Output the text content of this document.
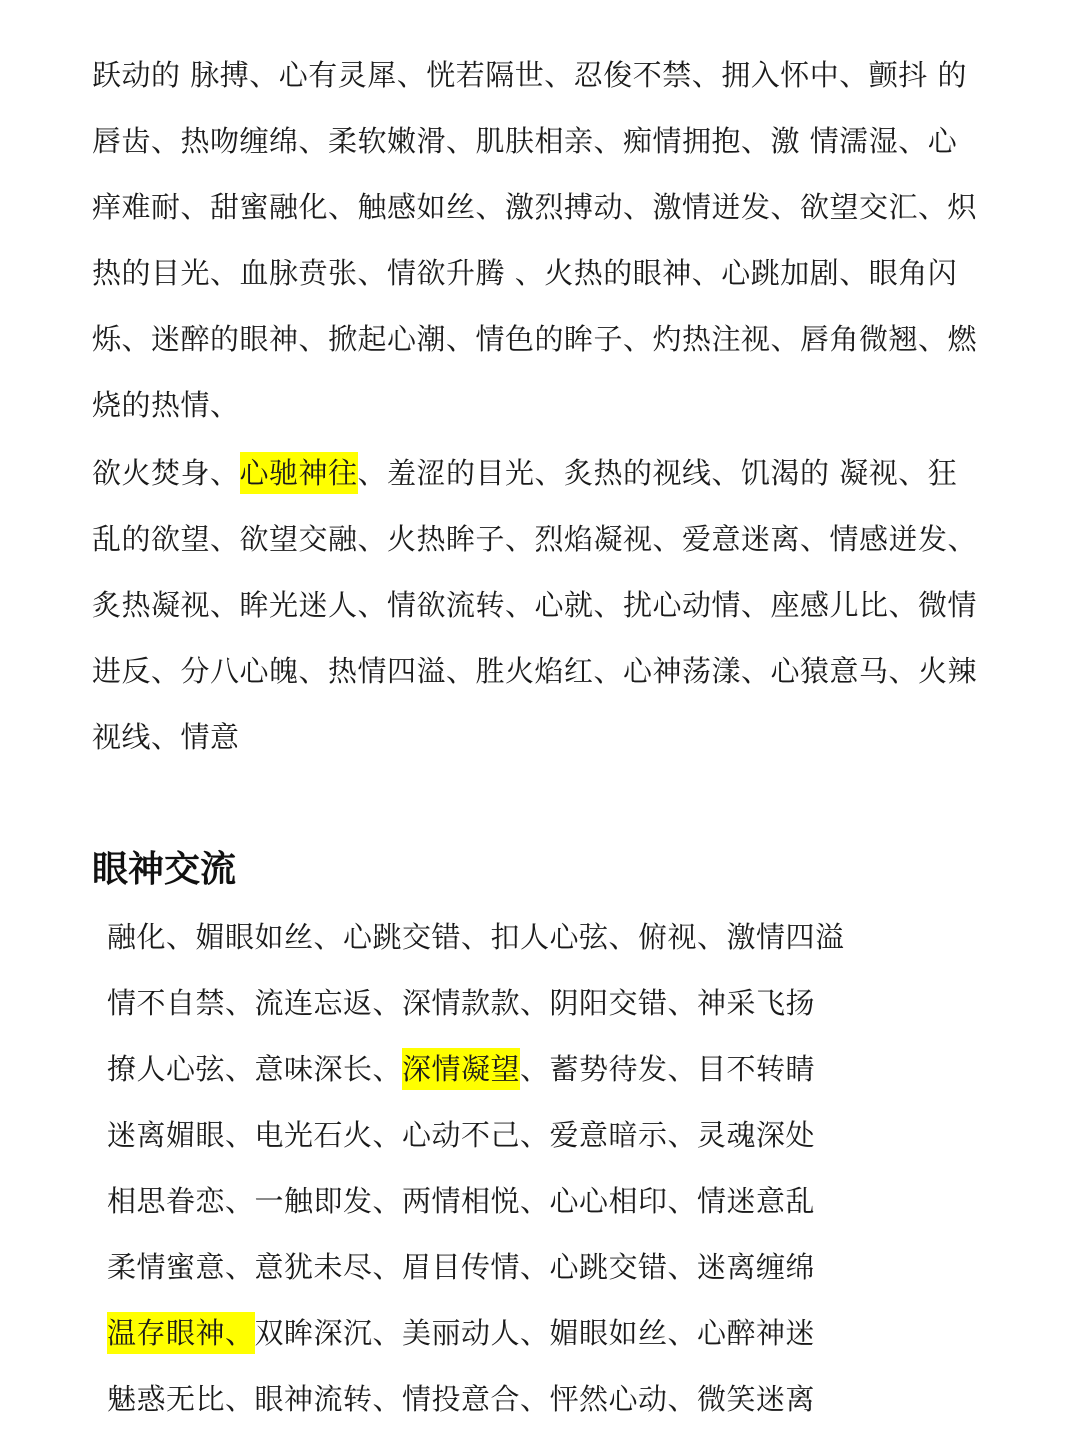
跃动的 脉搏、心有灵犀、恍若隔世、忍俊不禁、拥入怀中、颤抖 的唇齿、热吻缠绵、柔软嫩滑、肌肤相亲、痴情拥抱、激 情濡湿、心痒难耐、甜蜜融化、触感如丝、激烈搏动、激情迸发、欲望交汇、炽热的目光、血脉贲张、情欲升腾 、火热的眼神、心跳加剧、眼角闪烁、迷醉的眼神、掀起心潮、情色的眸子、灼热注视、唇角微翘、燃烧的热情、

欲火焚身、心驰神往、羞涩的目光、炙热的视线、饥渴的 凝视、狂乱的欲望、欲望交融、火热眸子、烈焰凝视、爱意迷离、情感迸发、炙热凝视、眸光迷人、情欲流转、心就、扰心动情、座感儿比、微情进反、分八心魄、热情四溢、胜火焰红、心神荡漾、心猿意马、火辣视线、情意

眼神交流
融化、媚眼如丝、心跳交错、扣人心弦、俯视、激情四溢
情不自禁、流连忘返、深情款款、阴阳交错、神采飞扬
撩人心弦、意味深长、深情凝望、蓄势待发、目不转睛
迷离媚眼、电光石火、心动不己、爱意暗示、灵魂深处
相思眷恋、一触即发、两情相悦、心心相印、情迷意乱
柔情蜜意、意犹未尽、眉目传情、心跳交错、迷离缠绵
温存眼神、双眸深沉、美丽动人、媚眼如丝、心醉神迷
魅惑无比、眼神流转、情投意合、怦然心动、微笑迷离
